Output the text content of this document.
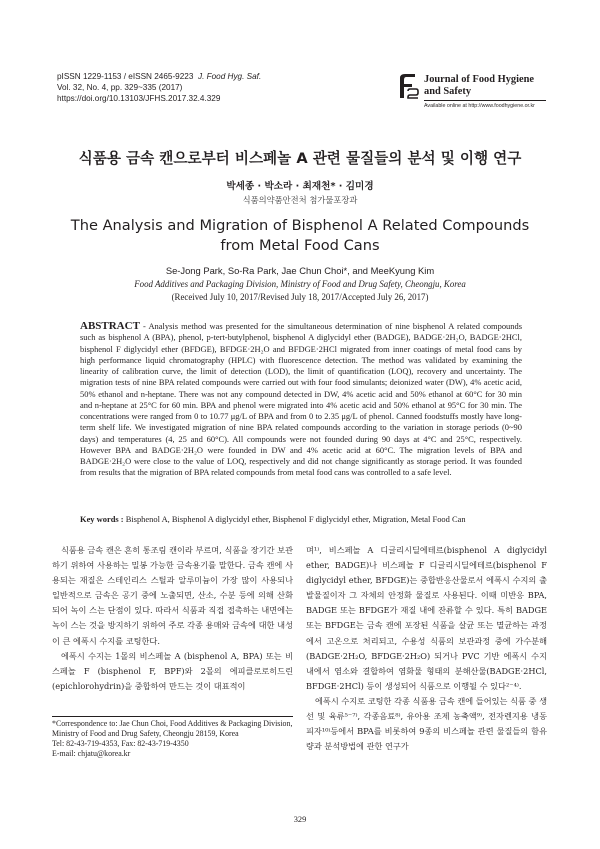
pISSN 1229-1153 / eISSN 2465-9223 J. Food Hyg. Saf.
Vol. 32, No. 4, pp. 329~335 (2017)
https://doi.org/10.13103/JFHS.2017.32.4.329
Journal of Food Hygiene
and Safety
Available online at http://www.foodhygiene.or.kr
식품용 금속 캔으로부터 비스페놀 A 관련 물질들의 분석 및 이행 연구
박세종 · 박소라 · 최재천* · 김미경
식품의약품안전처 첨가물포장과
The Analysis and Migration of Bisphenol A Related Compounds
from Metal Food Cans
Se-Jong Park, So-Ra Park, Jae Chun Choi*, and MeeKyung Kim
Food Additives and Packaging Division, Ministry of Food and Drug Safety, Cheongju, Korea
(Received July 10, 2017/Revised July 18, 2017/Accepted July 26, 2017)
ABSTRACT - Analysis method was presented for the simultaneous determination of nine bisphenol A related compounds such as bisphenol A (BPA), phenol, p-tert-butylphenol, bisphenol A diglycidyl ether (BADGE), BADGE·2H₂O, BADGE·2HCl, bisphenol F diglycidyl ether (BFDGE), BFDGE·2H₂O and BFDGE·2HCl migrated from inner coatings of metal food cans by high performance liquid chromatography (HPLC) with fluorescence detection. The method was validated by examining the linearity of calibration curve, the limit of detection (LOD), the limit of quantification (LOQ), recovery and uncertainty. The migration tests of nine BPA related compounds were carried out with four food simulants; deionized water (DW), 4% acetic acid, 50% ethanol and n-heptane. There was not any compound detected in DW, 4% acetic acid and 50% ethanol at 60°C for 30 min and n-heptane at 25°C for 60 min. BPA and phenol were migrated into 4% acetic acid and 50% ethanol at 95°C for 30 min. The concentrations were ranged from 0 to 10.77 μg/L of BPA and from 0 to 2.35 μg/L of phenol. Canned foodstuffs mostly have long-term shelf life. We investigated migration of nine BPA related compounds according to the variation in storage periods (0~90 days) and temperatures (4, 25 and 60°C). All compounds were not founded during 90 days at 4°C and 25°C, respectively. However BPA and BADGE·2H₂O were founded in DW and 4% acetic acid at 60°C. The migration levels of BPA and BADGE·2H₂O were close to the value of LOQ, respectively and did not change significantly as storage period. It was founded from results that the migration of BPA related compounds from metal food cans was controlled to a safe level.
Key words : Bisphenol A, Bisphenol A diglycidyl ether, Bisphenol F diglycidyl ether, Migration, Metal Food Can

식품용 금속 캔은 흔히 통조림 캔이라 부르며, 식품을 장기간 보관하기 위하여 사용하는 밀봉 가능한 금속용기를 말한다. 금속 캔에 사용되는 재질은 스테인리스 스틸과 알루미늄이 가장 많이 사용되나 일반적으로 금속은 공기 중에 노출되면, 산소, 수분 등에 의해 산화되어 녹이 스는 단점이 있다. 따라서 식품과 직접 접촉하는 내면에는 녹이 스는 것을 방지하기 위하여 주로 각종 용매와 금속에 대한 내성이 큰 에폭시 수지를 코팅한다.

에폭시 수지는 1몰의 비스페놀 A (bisphenol A, BPA) 또는 비스페놀 F (bisphenol F, BPF)와 2몰의 에피클로로히드린(epichlorohydrin)을 중합하여 만드는 것이 대표적이

며¹⁾, 비스페놀 A 디글리시딜에테르(bisphenol A diglycidyl ether, BADGE)나 비스페놀 F 디글리시딜에테르(bisphenol F diglycidyl ether, BFDGE)는 중합반응산물로서 에폭시 수지의 출발물질이자 그 자체의 안정화 물질로 사용된다. 이때 미반응 BPA, BADGE 또는 BFDGE가 재질 내에 잔류할 수 있다. 특히 BADGE 또는 BFDGE는 금속 캔에 포장된 식품을 살균 또는 멸균하는 과정에서 고온으로 처리되고, 수용성 식품의 보관과정 중에 가수분해(BADGE·2H₂O, BFDGE·2H₂O) 되거나 PVC 기반 에폭시 수지 내에서 염소와 결합하여 염화물 형태의 분해산물(BADGE·2HCl, BFDGE·2HCl) 등이 생성되어 식품으로 이행될 수 있다²⁻⁴⁾.

에폭시 수지로 코팅한 각종 식품용 금속 캔에 들어있는 식품 중 생선 및 육류⁵⁻⁷⁾, 각종음료⁸⁾, 유아용 조제 농축액⁹⁾, 전자렌지용 냉동피자¹⁰⁾등에서 BPA를 비롯하여 9종의 비스페놀 관련 물질들의 함유량과 분석방법에 관한 연구가

*Correspondence to: Jae Chun Choi, Food Additives & Packaging Division, Ministry of Food and Drug Safety, Cheongju 28159, Korea
Tel: 82-43-719-4353, Fax: 82-43-719-4350
E-mail: chjatu@korea.kr
329
